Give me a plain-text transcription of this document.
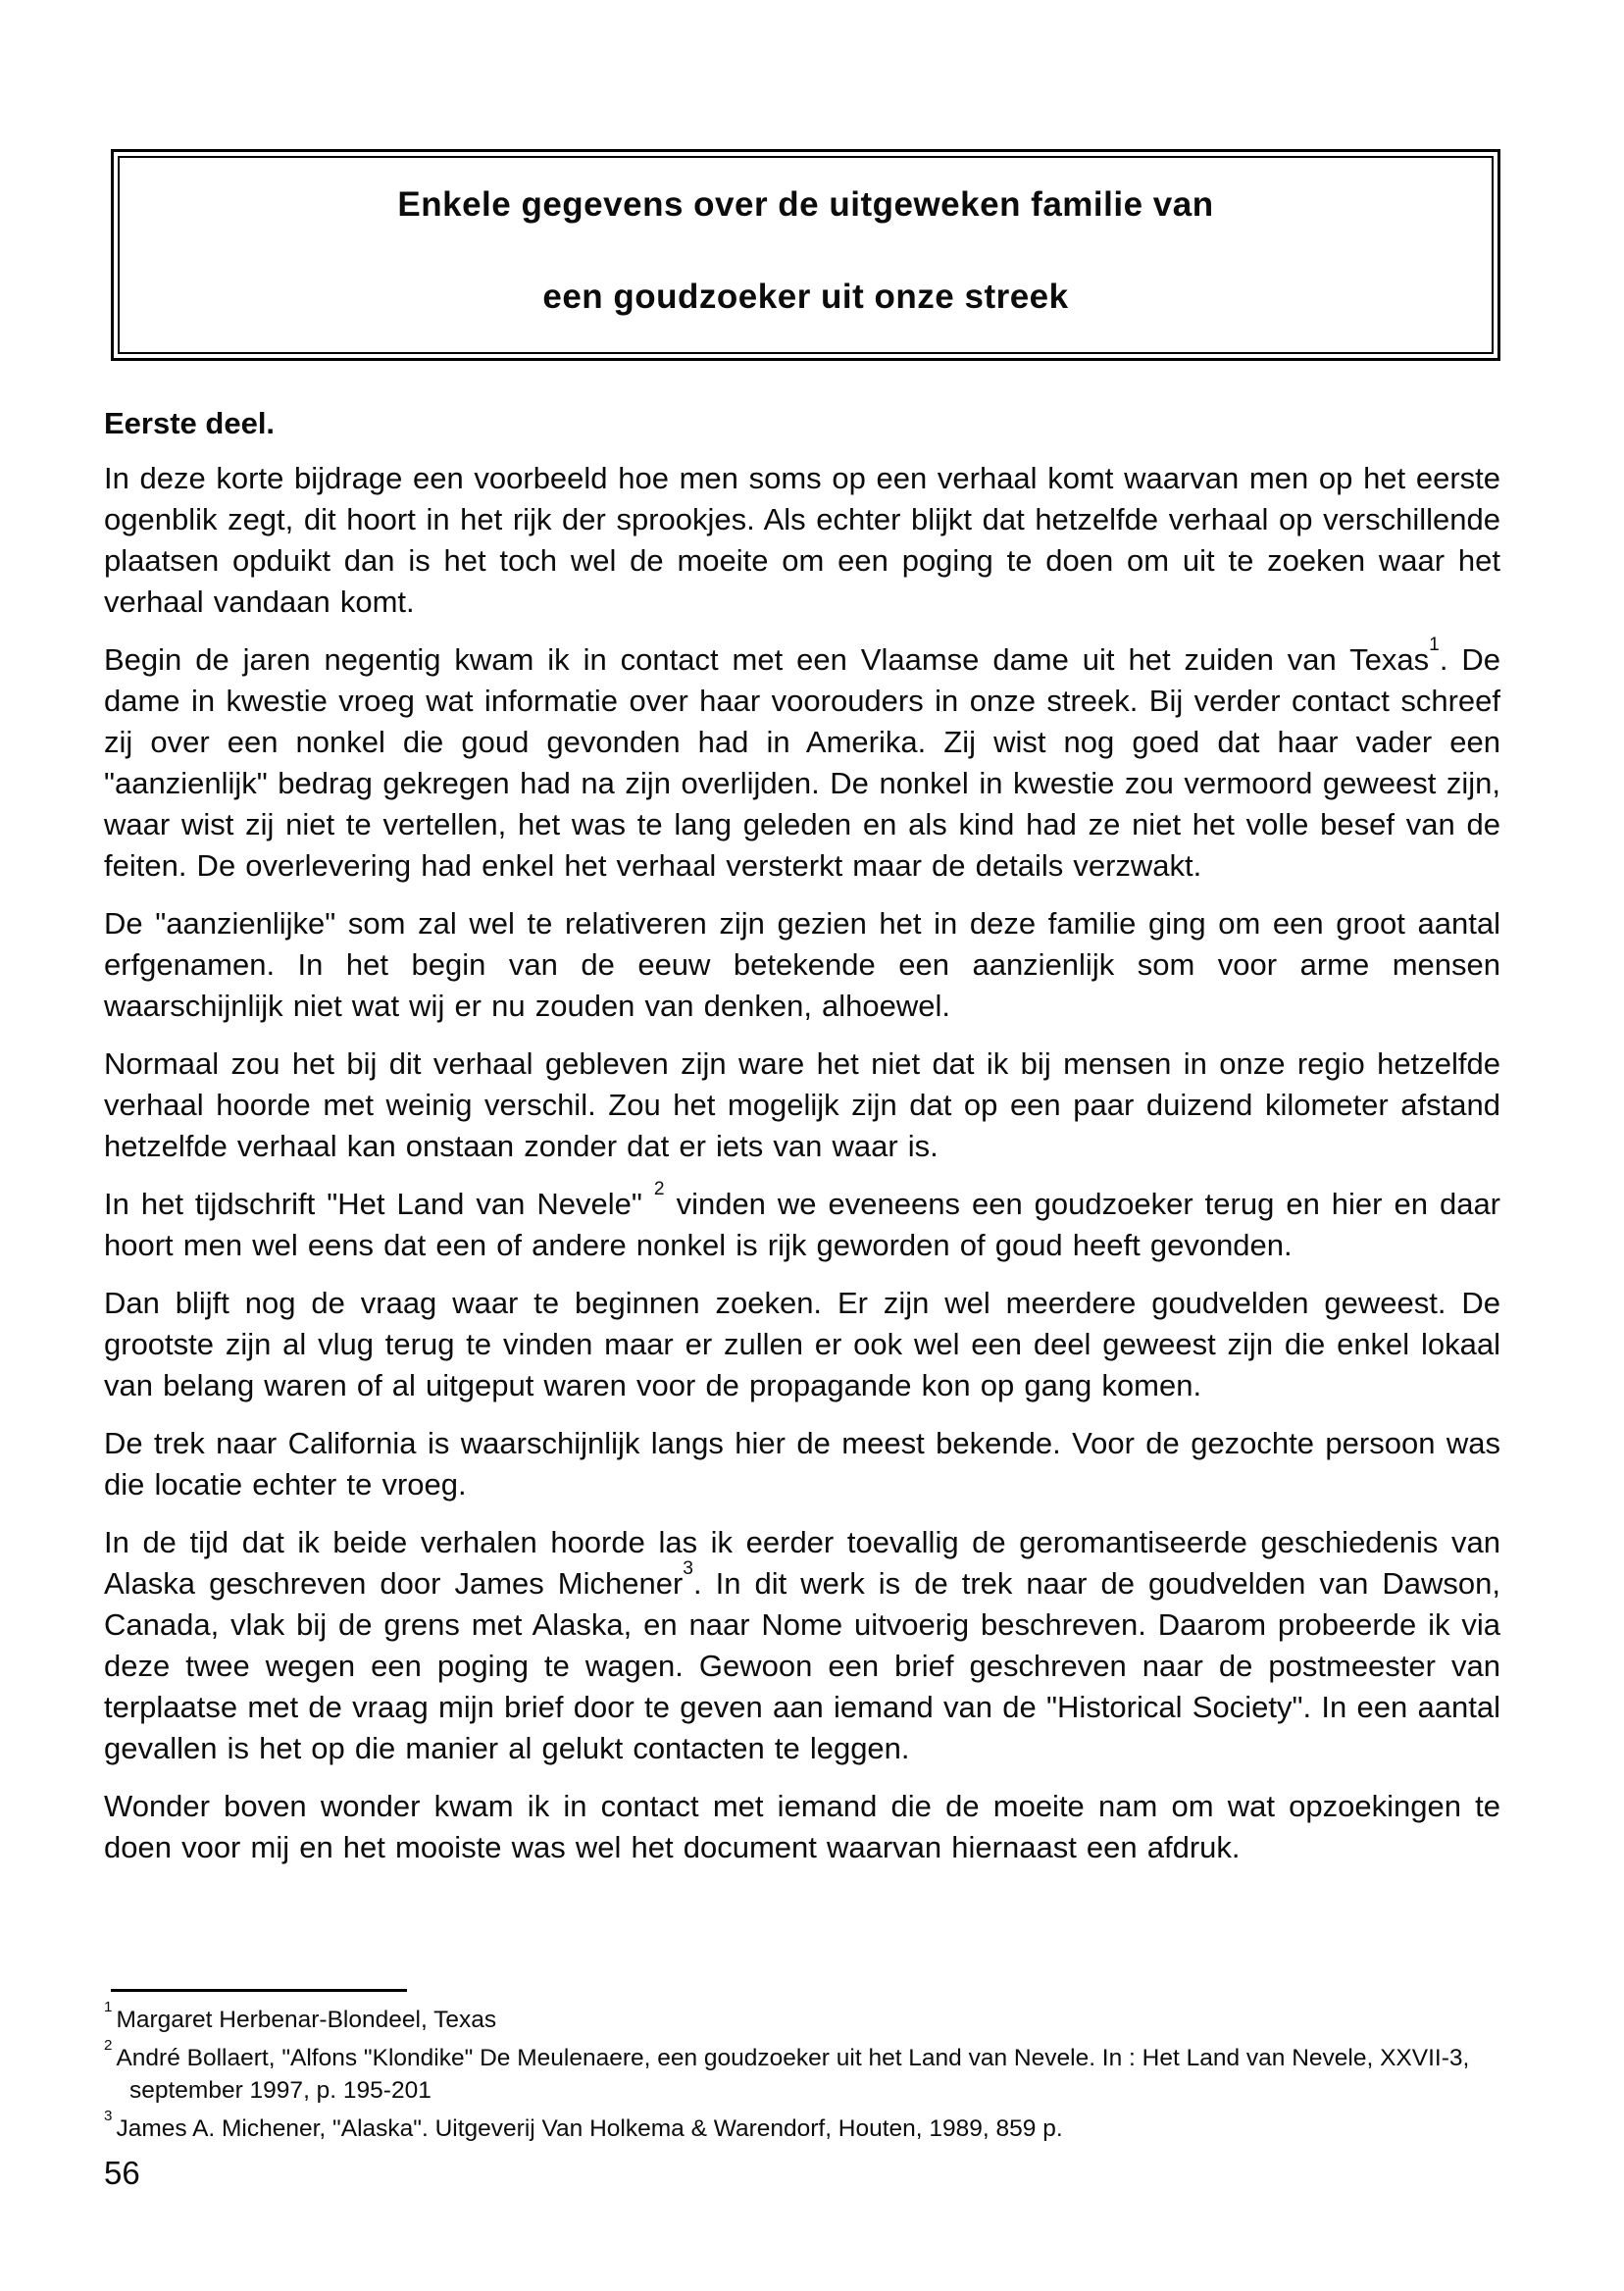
Enkele gegevens over de uitgeweken familie van
een goudzoeker uit onze streek
Eerste deel.

In deze korte bijdrage een voorbeeld hoe men soms op een verhaal komt waarvan men op het eerste ogenblik zegt, dit hoort in het rijk der sprookjes. Als echter blijkt dat hetzelfde verhaal op verschillende plaatsen opduikt dan is het toch wel de moeite om een poging te doen om uit te zoeken waar het verhaal vandaan komt.

Begin de jaren negentig kwam ik in contact met een Vlaamse dame uit het zuiden van Texas$^1$. De dame in kwestie vroeg wat informatie over haar voorouders in onze streek. Bij verder contact schreef zij over een nonkel die goud gevonden had in Amerika. Zij wist nog goed dat haar vader een "aanzienlijk" bedrag gekregen had na zijn overlijden. De nonkel in kwestie zou vermoord geweest zijn, waar wist zij niet te vertellen, het was te lang geleden en als kind had ze niet het volle besef van de feiten. De overlevering had enkel het verhaal versterkt maar de details verzwakt.

De "aanzienlijke" som zal wel te relativeren zijn gezien het in deze familie ging om een groot aantal erfgenamen. In het begin van de eeuw betekende een aanzienlijk som voor arme mensen waarschijnlijk niet wat wij er nu zouden van denken, alhoewel.

Normaal zou het bij dit verhaal gebleven zijn ware het niet dat ik bij mensen in onze regio hetzelfde verhaal hoorde met weinig verschil. Zou het mogelijk zijn dat op een paar duizend kilometer afstand hetzelfde verhaal kan onstaan zonder dat er iets van waar is.

In het tijdschrift "Het Land van Nevele" $^2$ vinden we eveneens een goudzoeker terug en hier en daar hoort men wel eens dat een of andere nonkel is rijk geworden of goud heeft gevonden.

Dan blijft nog de vraag waar te beginnen zoeken. Er zijn wel meerdere goudvelden geweest. De grootste zijn al vlug terug te vinden maar er zullen er ook wel een deel geweest zijn die enkel lokaal van belang waren of al uitgeput waren voor de propagande kon op gang komen.

De trek naar California is waarschijnlijk langs hier de meest bekende. Voor de gezochte persoon was die locatie echter te vroeg.

In de tijd dat ik beide verhalen hoorde las ik eerder toevallig de geromantiseerde geschiedenis van Alaska geschreven door James Michener$^3$. In dit werk is de trek naar de goudvelden van Dawson, Canada, vlak bij de grens met Alaska, en naar Nome uitvoerig beschreven. Daarom probeerde ik via deze twee wegen een poging te wagen. Gewoon een brief geschreven naar de postmeester van terplaatse met de vraag mijn brief door te geven aan iemand van de "Historical Society". In een aantal gevallen is het op die manier al gelukt contacten te leggen.

Wonder boven wonder kwam ik in contact met iemand die de moeite nam om wat opzoekingen te doen voor mij en het mooiste was wel het document waarvan hiernaast een afdruk.

$^1$ Margaret Herbenar-Blondeel, Texas
$^2$ André Bollaert, "Alfons "Klondike" De Meulenaere, een goudzoeker uit het Land van Nevele. In : Het Land van Nevele, XXVII-3, september 1997, p. 195-201
$^3$ James A. Michener, "Alaska". Uitgeverij Van Holkema & Warendorf, Houten, 1989, 859 p.
56
